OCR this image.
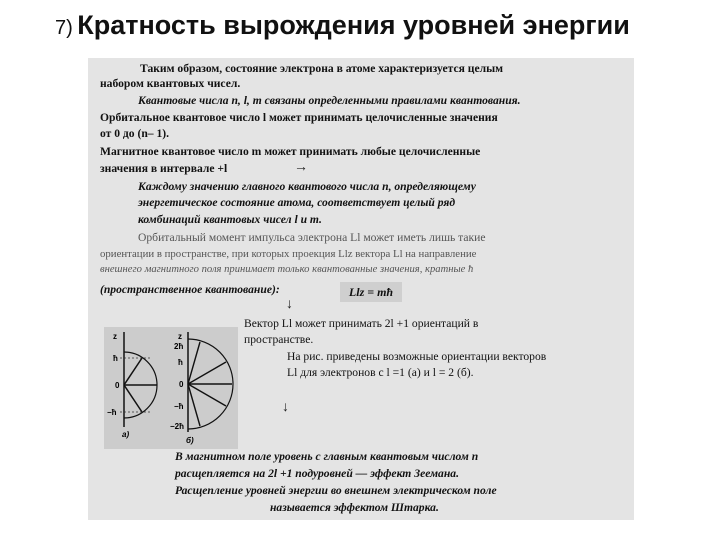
7) Кратность вырождения уровней энергии
Таким образом, состояние электрона в атоме характеризуется целым
набором квантовых чисел.
Квантовые числа n, l, m связаны определенными правилами квантования.
Орбитальное квантовое число l может принимать целочисленные значения
от 0 до (n– 1).
Магнитное квантовое число m может принимать любые целочисленные
значения в интервале +l	→
Каждому значению главного квантового числа n, определяющему
энергетическое состояние атома, соответствует целый ряд
комбинаций квантовых чисел l и m.
Орбитальный момент импульса электрона Ll может иметь лишь такие
ориентации в пространстве, при которых проекция Llz вектора Ll на направление
внешнего магнитного поля принимает только квантованные значения, кратные ħ
(пространственное квантование):	Llz = mħ
↓
Вектор Ll может принимать 2l +1 ориентаций в
пространстве.
На рис. приведены возможные ориентации векторов
Ll для электронов с l =1 (а) и l = 2 (б).
↓
z
ħ
0
−ħ
а)
z
2ħ
ħ
0
−ħ
−2ħ
б)
В магнитном поле уровень с главным квантовым числом n
расщепляется на 2l +1 подуровней — эффект Зеемана.
Расщепление уровней энергии во внешнем электрическом поле
называется эффектом Штарка.
